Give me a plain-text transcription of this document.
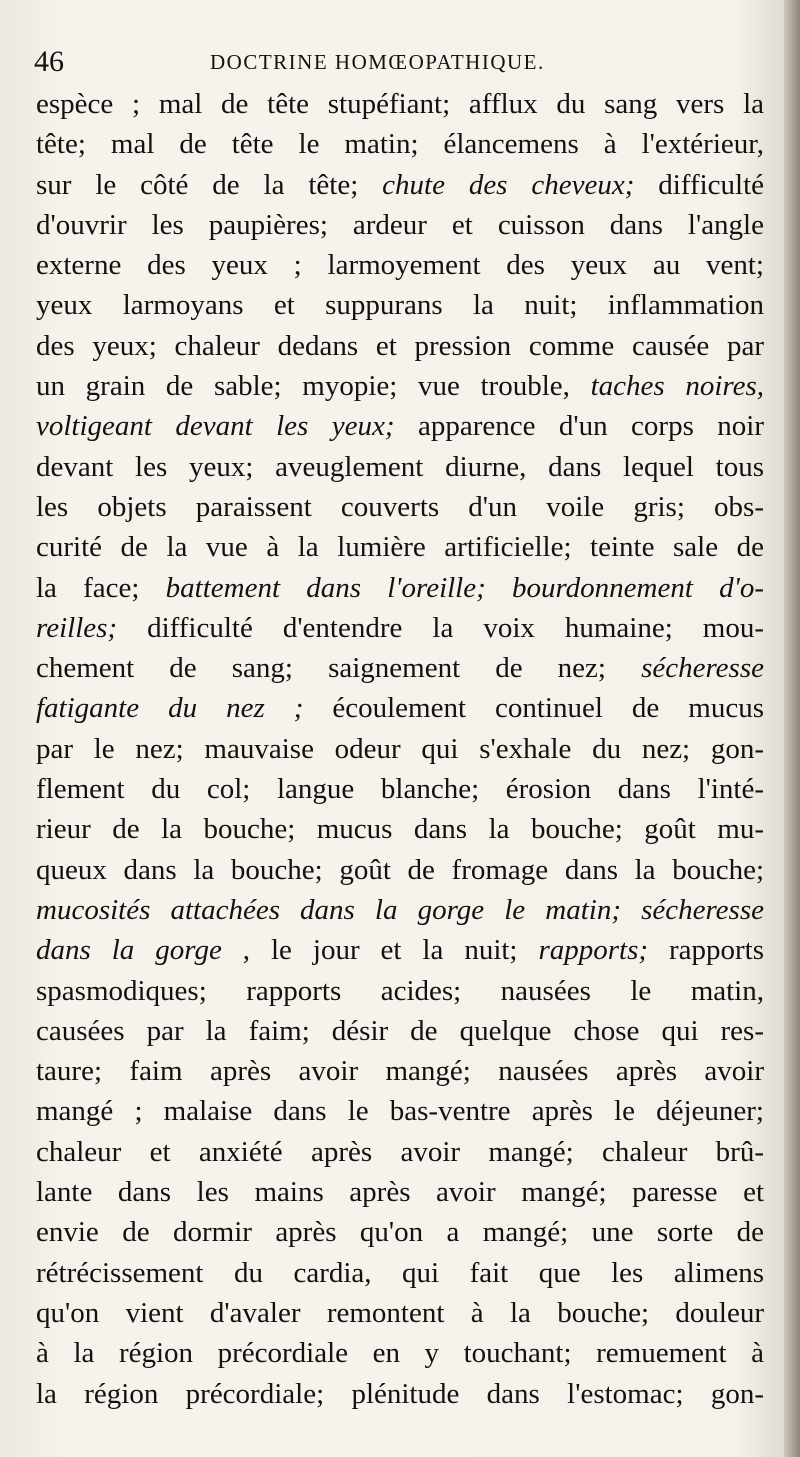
46	DOCTRINE HOMŒOPATHIQUE.
espèce ; mal de tête stupéfiant; afflux du sang vers la
tête; mal de tête le matin; élancemens à l'extérieur,
sur le côté de la tête; chute des cheveux; difficulté
d'ouvrir les paupières; ardeur et cuisson dans l'angle
externe des yeux ; larmoyement des yeux au vent;
yeux larmoyans et suppurans la nuit; inflammation
des yeux; chaleur dedans et pression comme causée par
un grain de sable; myopie; vue trouble, taches noires,
voltigeant devant les yeux; apparence d'un corps noir
devant les yeux; aveuglement diurne, dans lequel tous
les objets paraissent couverts d'un voile gris; obs-
curité de la vue à la lumière artificielle; teinte sale de
la face; battement dans l'oreille; bourdonnement d'o-
reilles; difficulté d'entendre la voix humaine; mou-
chement de sang; saignement de nez; sécheresse
fatigante du nez ; écoulement continuel de mucus
par le nez; mauvaise odeur qui s'exhale du nez; gon-
flement du col; langue blanche; érosion dans l'inté-
rieur de la bouche; mucus dans la bouche; goût mu-
queux dans la bouche; goût de fromage dans la bouche;
mucosités attachées dans la gorge le matin; sécheresse
dans la gorge , le jour et la nuit; rapports; rapports
spasmodiques; rapports acides; nausées le matin,
causées par la faim; désir de quelque chose qui res-
taure; faim après avoir mangé; nausées après avoir
mangé ; malaise dans le bas-ventre après le déjeuner;
chaleur et anxiété après avoir mangé; chaleur brû-
lante dans les mains après avoir mangé; paresse et
envie de dormir après qu'on a mangé; une sorte de
rétrécissement du cardia, qui fait que les alimens
qu'on vient d'avaler remontent à la bouche; douleur
à la région précordiale en y touchant; remuement à
la région précordiale; plénitude dans l'estomac; gon-
